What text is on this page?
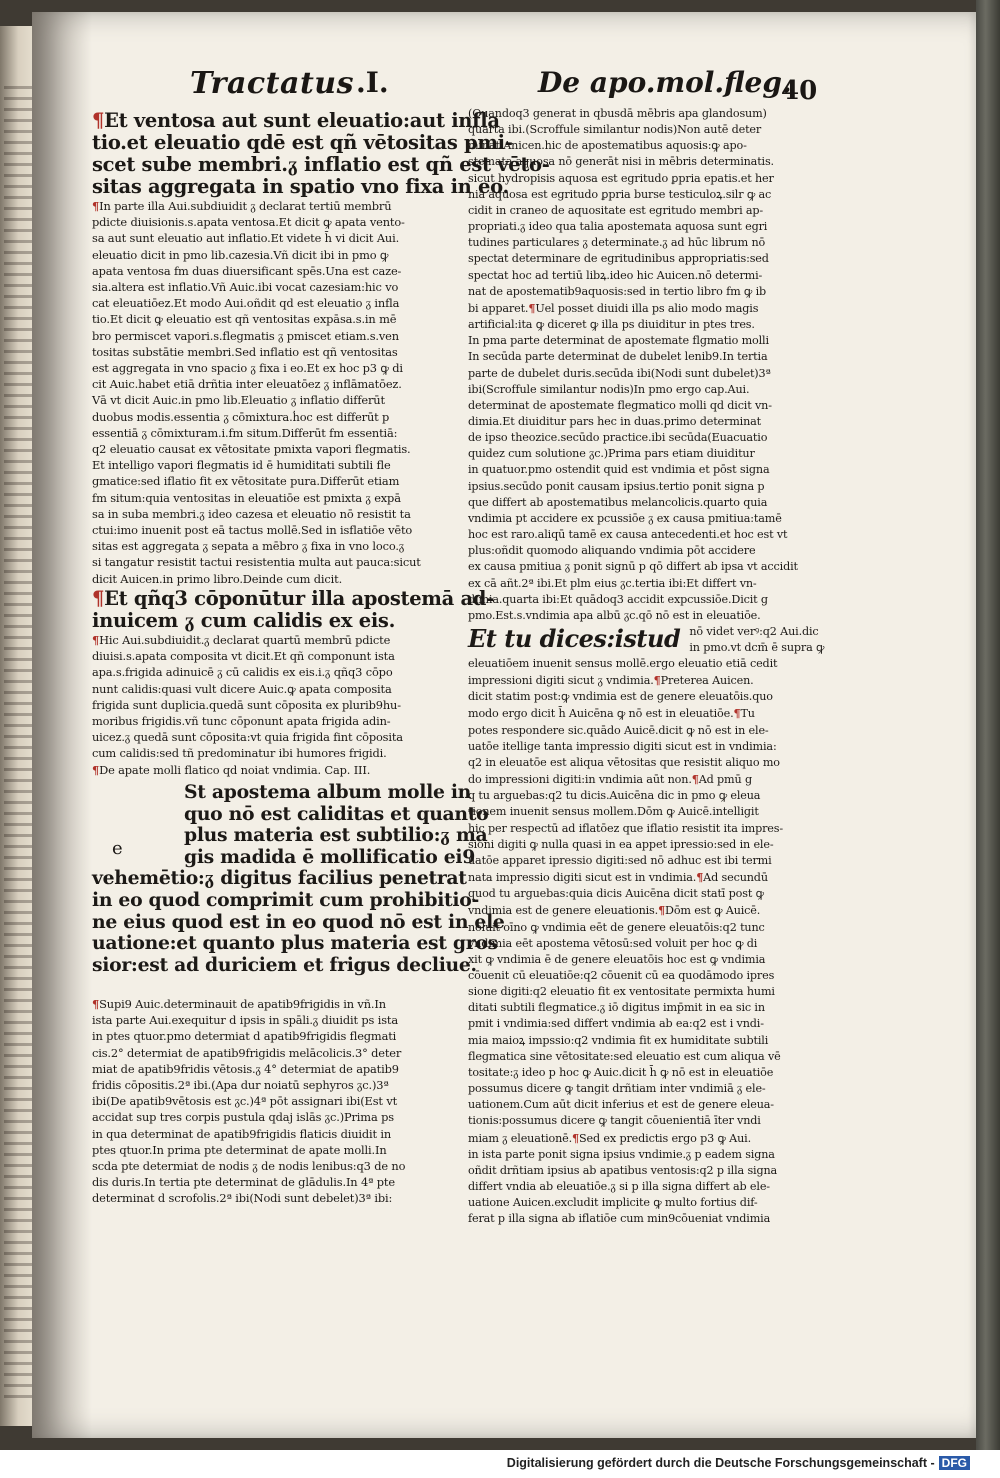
Tractatus .I.	De apo.mol.fleg.
40
¶Et ventosa aut sunt eleuatio:aut infla
tio.et eleuatio qdē est qñ vētositas pmi-
scet sube membri.ᵹ inflatio est qñ est vēto-
sitas aggregata in spatio vno fixa in eo.
¶In parte illa Aui.subdiuidit ᵹ declarat tertiū membrū
pdicte diuisionis.s.apata ventosa.Et dicit ꝙ apata vento-
sa aut sunt eleuatio aut inflatio.Et videte h̄ vi dicit Aui.
eleuatio dicit in pmo lib.cazesia.Vñ dicit ibi in pmo ꝙ
apata ventosa fm duas diuersificant spēs.Una est caze-
sia.altera est inflatio.Vñ Auic.ibi vocat cazesiam:hic vo
cat eleuatiōez.Et modo Aui.oñdit qd est eleuatio ᵹ infla
tio.Et dicit ꝙ eleuatio est qñ ventositas expāsa.s.in mē
bro permiscet vapori.s.flegmatis ᵹ pmiscet etiam.s.ven
tositas substātie membri.Sed inflatio est qñ ventositas
est aggregata in vno spacio ᵹ fixa i eo.Et ex hoc p3 ꝙ di
cit Auic.habet etiā drñtia inter eleuatōez ᵹ inflāmatōez.
Vā vt dicit Auic.in pmo lib.Eleuatio ᵹ inflatio differūt
duobus modis.essentia ᵹ cōmixtura.ḣoc est differūt p
essentiā ᵹ cōmixturam.i.fm situm.Differūt fm essentiā:
q2 eleuatio causat ex vētositate pmixta vapori flegmatis.
Et intelligo vapori flegmatis id ē humiditati subtili fle
gmatice:sed iflatio fit ex vētositate pura.Differūt etiam
fm situm:quia ventositas in eleuatiōe est pmixta ᵹ expā
sa in suba membri.ᵹ ideo cazesa et eleuatio nō resistit ta
ctui:imo inuenit post eā tactus mollē.Sed in isflatiōe vēto
sitas est aggregata ᵹ sepata a mēbro ᵹ fixa in vno loco.ᵹ
si tangatur resistit tactui resistentia multa aut pauca:sicut
dicit Auicen.in primo libro.Deinde cum dicit.
¶Et qñq3 cōponūtur illa apostemā ad-
inuicem ᵹ cum calidis ex eis.
¶Hic Aui.subdiuidit.ᵹ declarat quartū membrū pdicte
diuisi.s.apata composita vt dicit.Et qñ componunt ista
apa.s.frigida adinuicē ᵹ cū calidis ex eis.i.ᵹ qñq3 cōpo
nunt calidis:quasi vult dicere Auic.ꝙ apata composita
frigida sunt duplicia.quedā sunt cōposita ex plurib9hu-
moribus frigidis.vñ tunc cōponunt apata frigida adin-
uicez.ᵹ quedā sunt cōposita:vt quia frigida fint cōposita
cum calidis:sed tñ predominatur ibi humores frigidi.
¶De apate molli flatico qd noiat vndimia. Cap. III.
e
St apostema album molle in
quo nō est caliditas et quanto
plus materia est subtilio:ᵹ ma
gis madida ē mollificatio ei9
vehemētio:ᵹ digitus facilius penetrat
in eo quod comprimit cum prohibitio-
ne eius quod est in eo quod nō est in ele
uatione:et quanto plus materia est gros
sior:est ad duriciem et frigus decliue.
¶Supi9 Auic.determinauit de apatib9frigidis in vñ.In
ista parte Aui.exequitur d ipsis in spāli.ᵹ diuidit ps ista
in ptes qtuor.pmo determiat d apatib9frigidis flegmati
cis.2° determiat de apatib9frigidis melācolicis.3° deter
miat de apatib9fridis vētosis.ᵹ 4° determiat de apatib9
fridis cōpositis.2ª ibi.(Apa dur noiatū sephyros ᵹc.)3ª
ibi(De apatib9vētosis est ᵹc.)4ª pōt assignari ibi(Est vt
accidat sup tres corpis pustula qdaj islās ᵹc.)Prima ps
in qua determinat de apatib9frigidis flaticis diuidit in
ptes qtuor.In prima pte determinat de apate molli.In
scda pte determiat de nodis ᵹ de nodis lenibus:q3 de no
dis duris.In tertia pte determinat de glādulis.In 4ª pte
determinat d scrofolis.2ª ibi(Nodi sunt debelet)3ª ibi:
(Quandoq3 generat in qbusdā mēbris apa glandosum)
quarta ibi.(Scroffule similantur nodis)Non autē deter
minat Anicen.hic de apostematibus aquosis:ꝙ apo-
stemata aquosa nō generāt nisi in mēbris determinatis.
sicut hydropisis aquosa est egritudo ꝑpria epatis.et her
nia aquosa est egritudo ꝑpria burse testiculoꝝ.silr ꝙ ac
cidit in craneo de aquositate est egritudo membri ap-
propriati.ᵹ ideo qua talia apostemata aquosa sunt egri
tudines particulares ᵹ determinate.ᵹ ad hūc librum nō
spectat determinare de egritudinibus appropriatis:sed
spectat hoc ad tertiū libꝝ.ideo hic Auicen.nō determi-
nat de apostematib9aquosis:sed in tertio libro fm ꝙ ib
bi apparet.¶Uel posset diuidi illa ps alio modo magis
artificial:ita ꝙ diceret ꝙ illa ps diuiditur in ptes tres.
In pma parte determinat de apostemate flgmatio molli
In secūda parte determinat de dubelet lenib9.In tertia
parte de dubelet duris.secūda ibi(Nodi sunt dubelet)3ª
ibi(Scroffule similantur nodis)In pmo ergo cap.Aui.
determinat de apostemate flegmatico molli qd dicit vn-
dimia.Et diuiditur pars hec in duas.primo determinat
de ipso theozice.secūdo practice.ibi secūda(Euacuatio
quidez cum solutione ᵹc.)Prima pars etiam diuiditur
in quatuor.pmo ostendit quid est vndimia et pōst signa
ipsius.secūdo ponit causam ipsius.tertio ponit signa p
que differt ab apostematibus melancolicis.quarto quia
vndimia pt accidere ex pcussiōe ᵹ ex causa pmitiua:tamē
hoc est raro.aliqū tamē ex causa antecedenti.et hoc est vt
plus:oñdit quomodo aliquando vndimia pōt accidere
ex causa pmitiua ᵹ ponit signū p qō differt ab ipsa vt accidit
ex cā añt.2ª ibi.Et plm eius ᵹc.tertia ibi:Et differt vn-
dimia.quarta ibi:Et quādoq3 accidit expcussiōe.Dicit g
pmo.Est.s.vndimia apa albū ᵹc.qō nō est in eleuatiōe.
Et tu dices:istud nō videt verꝰ:q2 Aui.dic
in pmo.vt dcm̄ ē supra ꝙ
eleuatiōem inuenit sensus mollē.ergo eleuatio etiā cedit
impressioni digiti sicut ᵹ vndimia.¶Preterea Auicen.
dicit statim post:ꝙ vndimia est de genere eleuatōis.quo
modo ergo dicit h̄ Auicēna ꝙ nō est in eleuatiōe.¶Tu
potes respondere sic.quādo Auicē.dicit ꝙ nō est in ele-
uatōe itellige tanta impressio digiti sicut est in vndimia:
q2 in eleuatōe est aliqua vētositas que resistit aliquo mo
do impressioni digiti:in vndimia aūt non.¶Ad pmū g
q tu arguebas:q2 tu dicis.Auicēna dic in pmo ꝙ eleua
tionem inuenit sensus mollem.Dōm ꝙ Auicē.intelligit
hic per respectū ad iflatōez que iflatio resistit ita impres-
sioni digiti ꝙ nulla quasi in ea appet ipressio:sed in ele-
uatōe apparet ipressio digiti:sed nō adhuc est ibi termi
nata impressio digiti sicut est in vndimia.¶Ad secundū
quod tu arguebas:quia dicis Auicēna dicit statī post ꝙ
vndimia est de genere eleuationis.¶Dōm est ꝙ Auicē.
noluit oīno ꝙ vndimia eēt de genere eleuatōis:q2 tunc
vndimia eēt apostema vētosū:sed voluit per hoc ꝙ di
xit ꝙ vndimia ē de genere eleuatōis hoc est ꝙ vndimia
cōuenit cū eleuatiōe:q2 cōuenit cū ea quodāmodo ipres
sione digiti:q2 eleuatio fit ex ventositate permixta humi
ditati subtili flegmatice.ᵹ iō digitus imp̄mit in ea sic in
pmit i vndimia:sed differt vndimia ab ea:q2 est i vndi-
mia maioꝝ impssio:q2 vndimia fit ex humiditate subtili
flegmatica sine vētositate:sed eleuatio est cum aliqua vē
tositate:ᵹ ideo p hoc ꝙ Auic.dicit h̄ ꝙ nō est in eleuatiōe
possumus dicere ꝙ tangit drñtiam inter vndimiā ᵹ ele-
uationem.Cum aūt dicit inferius et est de genere eleua-
tionis:possumus dicere ꝙ tangit cōuenientiā īter vndi
miam ᵹ eleuationē.¶Sed ex predictis ergo p3 ꝙ Aui.
in ista parte ponit signa ipsius vndimie.ᵹ p eadem signa
oñdit drñtiam ipsius ab apatibus ventosis:q2 p illa signa
differt vndia ab eleuatiōe.ᵹ si p illa signa differt ab ele-
uatione Auicen.excludit implicite ꝙ multo fortius dif-
ferat p illa signa ab iflatiōe cum min9cōueniat vndimia
Digitalisierung gefördert durch die Deutsche Forschungsgemeinschaft - DFG
